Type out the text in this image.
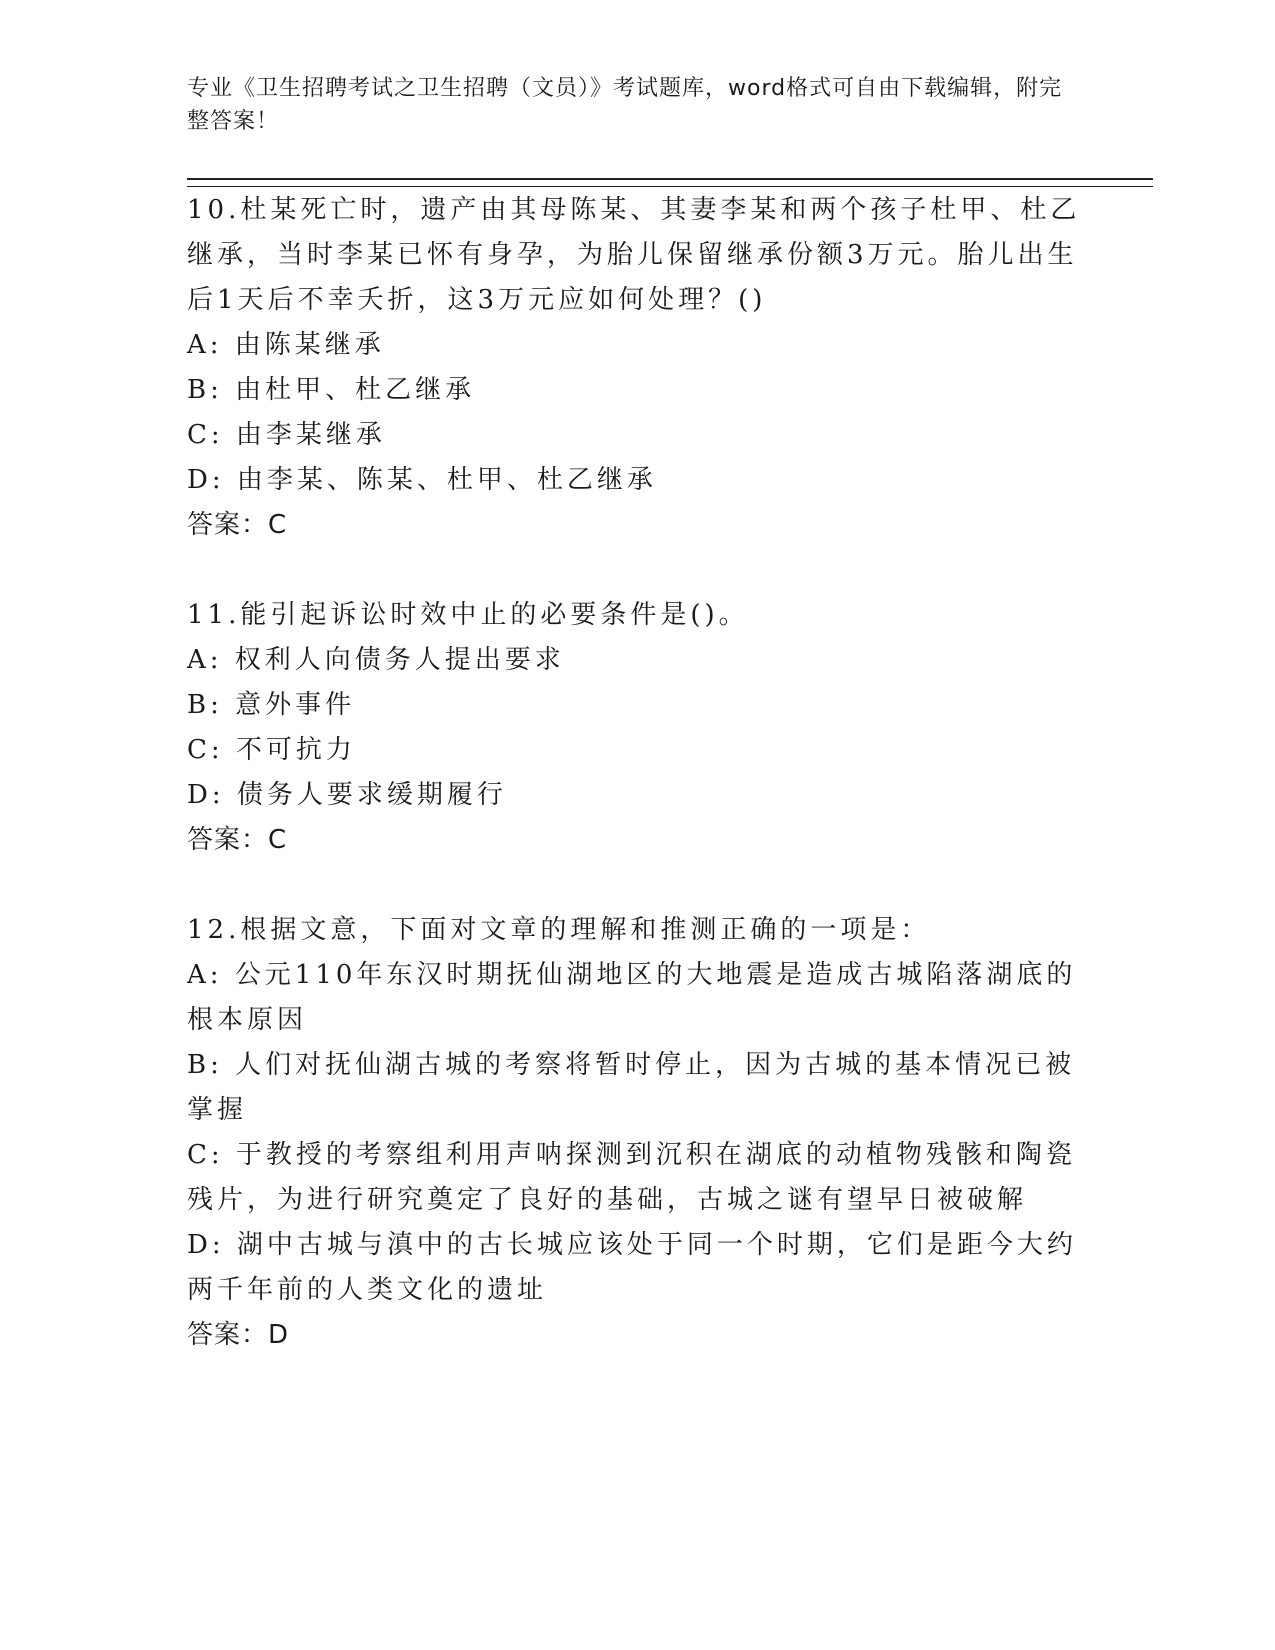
专业《卫生招聘考试之卫生招聘（文员）》考试题库，word格式可自由下载编辑，附完整答案！

10.杜某死亡时，遗产由其母陈某、其妻李某和两个孩子杜甲、杜乙继承，当时李某已怀有身孕，为胎儿保留继承份额3万元。胎儿出生后1天后不幸夭折，这3万元应如何处理？()

A: 由陈某继承

B: 由杜甲、杜乙继承

C: 由李某继承

D: 由李某、陈某、杜甲、杜乙继承

答案：C

11.能引起诉讼时效中止的必要条件是()。

A: 权利人向债务人提出要求

B: 意外事件

C: 不可抗力

D: 债务人要求缓期履行

答案：C

12.根据文意，下面对文章的理解和推测正确的一项是：

A: 公元110年东汉时期抚仙湖地区的大地震是造成古城陷落湖底的根本原因

B: 人们对抚仙湖古城的考察将暂时停止，因为古城的基本情况已被掌握

C: 于教授的考察组利用声呐探测到沉积在湖底的动植物残骸和陶瓷残片，为进行研究奠定了良好的基础，古城之谜有望早日被破解

D: 湖中古城与滇中的古长城应该处于同一个时期，它们是距今大约两千年前的人类文化的遗址

答案：D
